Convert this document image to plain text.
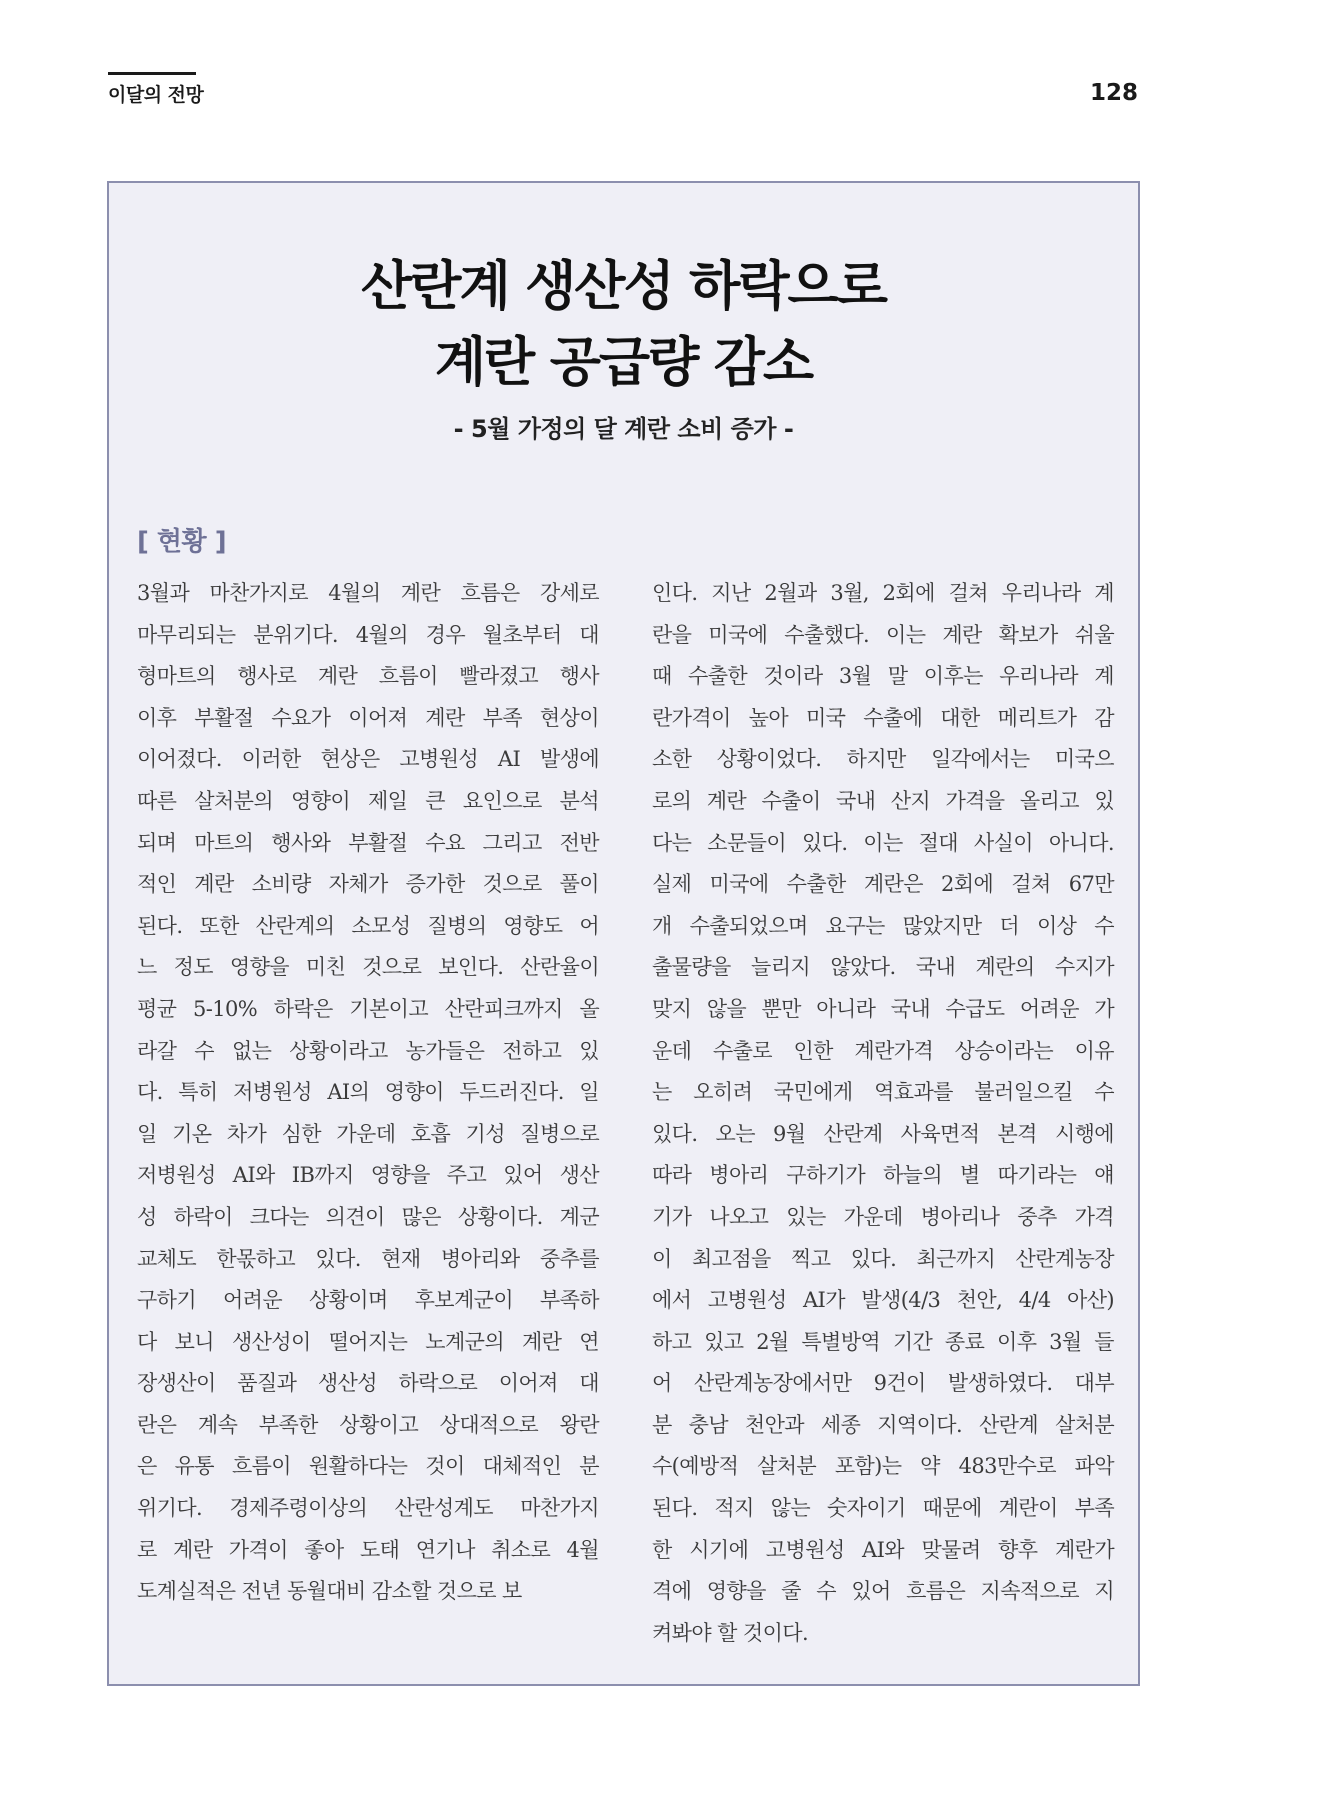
이달의 전망	128
산란계 생산성 하락으로
계란 공급량 감소
- 5월 가정의 달 계란 소비 증가 -
[ 현황 ]
3월과 마찬가지로 4월의 계란 흐름은 강세로
마무리되는 분위기다. 4월의 경우 월초부터 대
형마트의 행사로 계란 흐름이 빨라졌고 행사
이후 부활절 수요가 이어져 계란 부족 현상이
이어졌다. 이러한 현상은 고병원성 AI 발생에
따른 살처분의 영향이 제일 큰 요인으로 분석
되며 마트의 행사와 부활절 수요 그리고 전반
적인 계란 소비량 자체가 증가한 것으로 풀이
된다. 또한 산란계의 소모성 질병의 영향도 어
느 정도 영향을 미친 것으로 보인다. 산란율이
평균 5-10% 하락은 기본이고 산란피크까지 올
라갈 수 없는 상황이라고 농가들은 전하고 있
다. 특히 저병원성 AI의 영향이 두드러진다. 일
일 기온 차가 심한 가운데 호흡 기성 질병으로
저병원성 AI와 IB까지 영향을 주고 있어 생산
성 하락이 크다는 의견이 많은 상황이다. 계군
교체도 한몫하고 있다. 현재 병아리와 중추를
구하기 어려운 상황이며 후보계군이 부족하
다 보니 생산성이 떨어지는 노계군의 계란 연
장생산이 품질과 생산성 하락으로 이어져 대
란은 계속 부족한 상황이고 상대적으로 왕란
은 유통 흐름이 원활하다는 것이 대체적인 분
위기다. 경제주령이상의 산란성계도 마찬가지
로 계란 가격이 좋아 도태 연기나 취소로 4월
도계실적은 전년 동월대비 감소할 것으로 보
인다. 지난 2월과 3월, 2회에 걸쳐 우리나라 계
란을 미국에 수출했다. 이는 계란 확보가 쉬울
때 수출한 것이라 3월 말 이후는 우리나라 계
란가격이 높아 미국 수출에 대한 메리트가 감
소한 상황이었다. 하지만 일각에서는 미국으
로의 계란 수출이 국내 산지 가격을 올리고 있
다는 소문들이 있다. 이는 절대 사실이 아니다.
실제 미국에 수출한 계란은 2회에 걸쳐 67만
개 수출되었으며 요구는 많았지만 더 이상 수
출물량을 늘리지 않았다. 국내 계란의 수지가
맞지 않을 뿐만 아니라 국내 수급도 어려운 가
운데 수출로 인한 계란가격 상승이라는 이유
는 오히려 국민에게 역효과를 불러일으킬 수
있다. 오는 9월 산란계 사육면적 본격 시행에
따라 병아리 구하기가 하늘의 별 따기라는 얘
기가 나오고 있는 가운데 병아리나 중추 가격
이 최고점을 찍고 있다. 최근까지 산란계농장
에서 고병원성 AI가 발생(4/3 천안, 4/4 아산)
하고 있고 2월 특별방역 기간 종료 이후 3월 들
어 산란계농장에서만 9건이 발생하였다. 대부
분 충남 천안과 세종 지역이다. 산란계 살처분
수(예방적 살처분 포함)는 약 483만수로 파악
된다. 적지 않는 숫자이기 때문에 계란이 부족
한 시기에 고병원성 AI와 맞물려 향후 계란가
격에 영향을 줄 수 있어 흐름은 지속적으로 지
켜봐야 할 것이다.
